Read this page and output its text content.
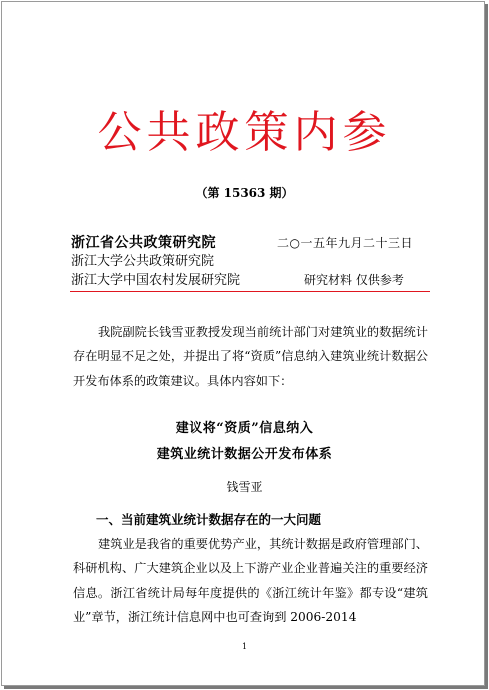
公共政策内参
（第 15363 期）
浙江省公共政策研究院
浙江大学公共政策研究院
浙江大学中国农村发展研究院
二○一五年九月二十三日
研究材料 仅供参考
我院副院长钱雪亚教授发现当前统计部门对建筑业的数据统计存在明显不足之处，并提出了将“资质”信息纳入建筑业统计数据公开发布体系的政策建议。具体内容如下：
建议将“资质”信息纳入
建筑业统计数据公开发布体系
钱雪亚
一、当前建筑业统计数据存在的一大问题
建筑业是我省的重要优势产业，其统计数据是政府管理部门、科研机构、广大建筑企业以及上下游产业企业普遍关注的重要经济信息。浙江省统计局每年度提供的《浙江统计年鉴》都专设“建筑业”章节，浙江统计信息网中也可查询到 2006-2014
1
